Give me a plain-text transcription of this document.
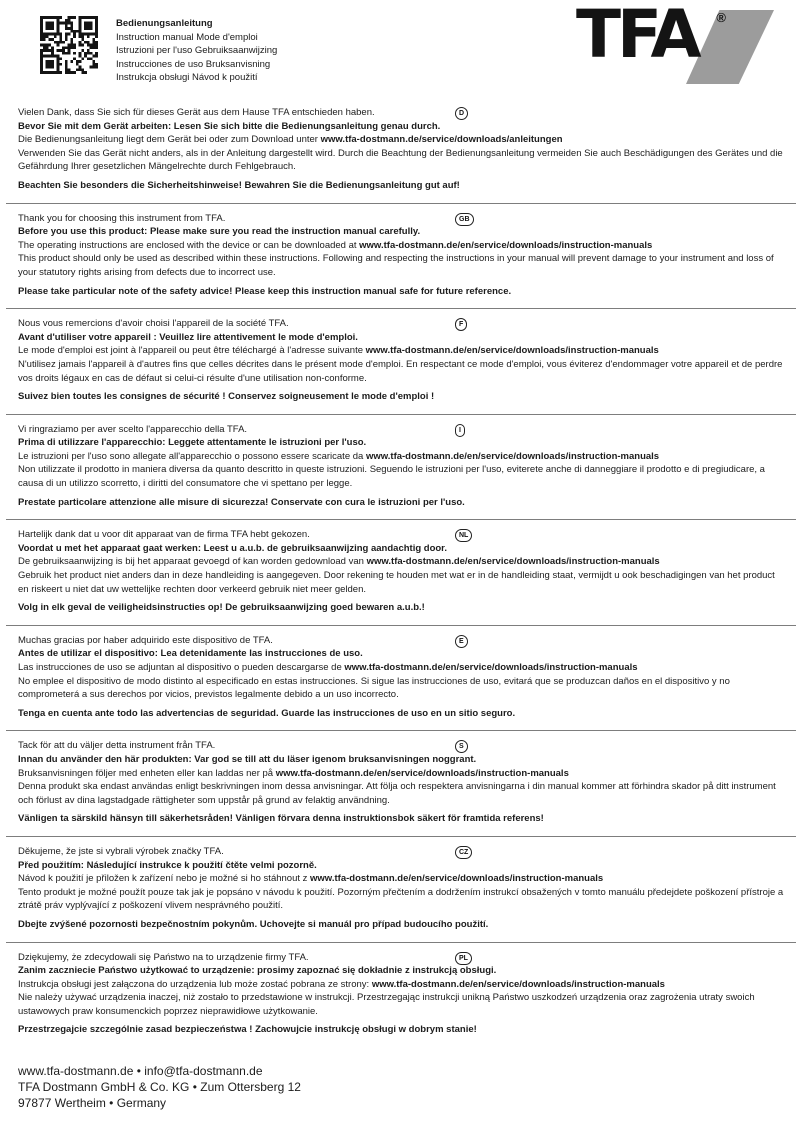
Bedienungsanleitung
Instruction manual Mode d'emploi
Istruzioni per l'uso Gebruiksaanwijzing
Instrucciones de uso Bruksanvisning
Instrukcja obsługi Návod k použití
TFA ®
Vielen Dank, dass Sie sich für dieses Gerät aus dem Hause TFA entschieden haben.	D

Bevor Sie mit dem Gerät arbeiten: Lesen Sie sich bitte die Bedienungsanleitung genau durch.

Die Bedienungsanleitung liegt dem Gerät bei oder zum Download unter www.tfa-dostmann.de/service/downloads/anleitungen

Verwenden Sie das Gerät nicht anders, als in der Anleitung dargestellt wird. Durch die Beachtung der Bedienungsanleitung vermeiden Sie auch Beschädigungen des Gerätes und die Gefährdung Ihrer gesetzlichen Mängelrechte durch Fehlgebrauch.

Beachten Sie besonders die Sicherheitshinweise! Bewahren Sie die Bedienungsanleitung gut auf!

Thank you for choosing this instrument from TFA.	GB

Before you use this product: Please make sure you read the instruction manual carefully.

The operating instructions are enclosed with the device or can be downloaded at www.tfa-dostmann.de/en/service/downloads/instruction-manuals

This product should only be used as described within these instructions. Following and respecting the instructions in your manual will prevent damage to your instrument and loss of your statutory rights arising from defects due to incorrect use.

Please take particular note of the safety advice! Please keep this instruction manual safe for future reference.

Nous vous remercions d'avoir choisi l'appareil de la société TFA.	F

Avant d'utiliser votre appareil : Veuillez lire attentivement le mode d'emploi.

Le mode d'emploi est joint à l'appareil ou peut être téléchargé à l'adresse suivante www.tfa-dostmann.de/en/service/downloads/instruction-manuals

N'utilisez jamais l'appareil à d'autres fins que celles décrites dans le présent mode d'emploi. En respectant ce mode d'emploi, vous éviterez d'endommager votre appareil et de perdre vos droits légaux en cas de défaut si celui-ci résulte d'une utilisation non-conforme.

Suivez bien toutes les consignes de sécurité ! Conservez soigneusement le mode d'emploi !

Vi ringraziamo per aver scelto l'apparecchio della TFA.	I

Prima di utilizzare l'apparecchio: Leggete attentamente le istruzioni per l'uso.

Le istruzioni per l'uso sono allegate all'apparecchio o possono essere scaricate da www.tfa-dostmann.de/en/service/downloads/instruction-manuals

Non utilizzate il prodotto in maniera diversa da quanto descritto in queste istruzioni. Seguendo le istruzioni per l'uso, eviterete anche di danneggiare il prodotto e di pregiudicare, a causa di un utilizzo scorretto, i diritti del consumatore che vi spettano per legge.

Prestate particolare attenzione alle misure di sicurezza! Conservate con cura le istruzioni per l'uso.

Hartelijk dank dat u voor dit apparaat van de firma TFA hebt gekozen.	NL

Voordat u met het apparaat gaat werken: Leest u a.u.b. de gebruiksaanwijzing aandachtig door.

De gebruiksaanwijzing is bij het apparaat gevoegd of kan worden gedownload van www.tfa-dostmann.de/en/service/downloads/instruction-manuals

Gebruik het product niet anders dan in deze handleiding is aangegeven. Door rekening te houden met wat er in de handleiding staat, vermijdt u ook beschadigingen van het product en riskeert u niet dat uw wettelijke rechten door verkeerd gebruik niet meer gelden.

Volg in elk geval de veiligheidsinstructies op! De gebruiksaanwijzing goed bewaren a.u.b.!

Muchas gracias por haber adquirido este dispositivo de TFA.	E

Antes de utilizar el dispositivo: Lea detenidamente las instrucciones de uso.

Las instrucciones de uso se adjuntan al dispositivo o pueden descargarse de www.tfa-dostmann.de/en/service/downloads/instruction-manuals

No emplee el dispositivo de modo distinto al especificado en estas instrucciones. Si sigue las instrucciones de uso, evitará que se produzcan daños en el dispositivo y no comprometerá a sus derechos por vicios, previstos legalmente debido a un uso incorrecto.

Tenga en cuenta ante todo las advertencias de seguridad. Guarde las instrucciones de uso en un sitio seguro.

Tack för att du väljer detta instrument från TFA.	S

Innan du använder den här produkten: Var god se till att du läser igenom bruksanvisningen noggrant.

Bruksanvisningen följer med enheten eller kan laddas ner på www.tfa-dostmann.de/en/service/downloads/instruction-manuals

Denna produkt ska endast användas enligt beskrivningen inom dessa anvisningar. Att följa och respektera anvisningarna i din manual kommer att förhindra skador på ditt instrument och förlust av dina lagstadgade rättigheter som uppstår på grund av felaktig användning.

Vänligen ta särskild hänsyn till säkerhetsråden! Vänligen förvara denna instruktionsbok säkert för framtida referens!

Děkujeme, že jste si vybrali výrobek značky TFA.	CZ

Před použitím: Následující instrukce k použití čtěte velmi pozorně.

Návod k použití je přiložen k zařízení nebo je možné si ho stáhnout z www.tfa-dostmann.de/en/service/downloads/instruction-manuals

Tento produkt je možné použít pouze tak jak je popsáno v návodu k použití. Pozorným přečtením a dodržením instrukcí obsažených v tomto manuálu předejdete poškození přístroje a ztrátě práv vyplývající z poškození vlivem nesprávného použití.

Dbejte zvýšené pozornosti bezpečnostním pokynům. Uchovejte si manuál pro případ budoucího použití.

Dziękujemy, że zdecydowali się Państwo na to urządzenie firmy TFA.	PL

Zanim zaczniecie Państwo użytkować to urządzenie: prosimy zapoznać się dokładnie z instrukcją obsługi.

Instrukcja obsługi jest załączona do urządzenia lub może zostać pobrana ze strony: www.tfa-dostmann.de/en/service/downloads/instruction-manuals

Nie należy używać urządzenia inaczej, niż zostało to przedstawione w instrukcji. Przestrzegając instrukcji unikną Państwo uszkodzeń urządzenia oraz zagrożenia utraty swoich ustawowych praw konsumenckich poprzez nieprawidłowe użytkowanie.

Przestrzegajcie szczególnie zasad bezpieczeństwa ! Zachowujcie instrukcję obsługi w dobrym stanie!

www.tfa-dostmann.de • info@tfa-dostmann.de
TFA Dostmann GmbH & Co. KG • Zum Ottersberg 12
97877 Wertheim • Germany
